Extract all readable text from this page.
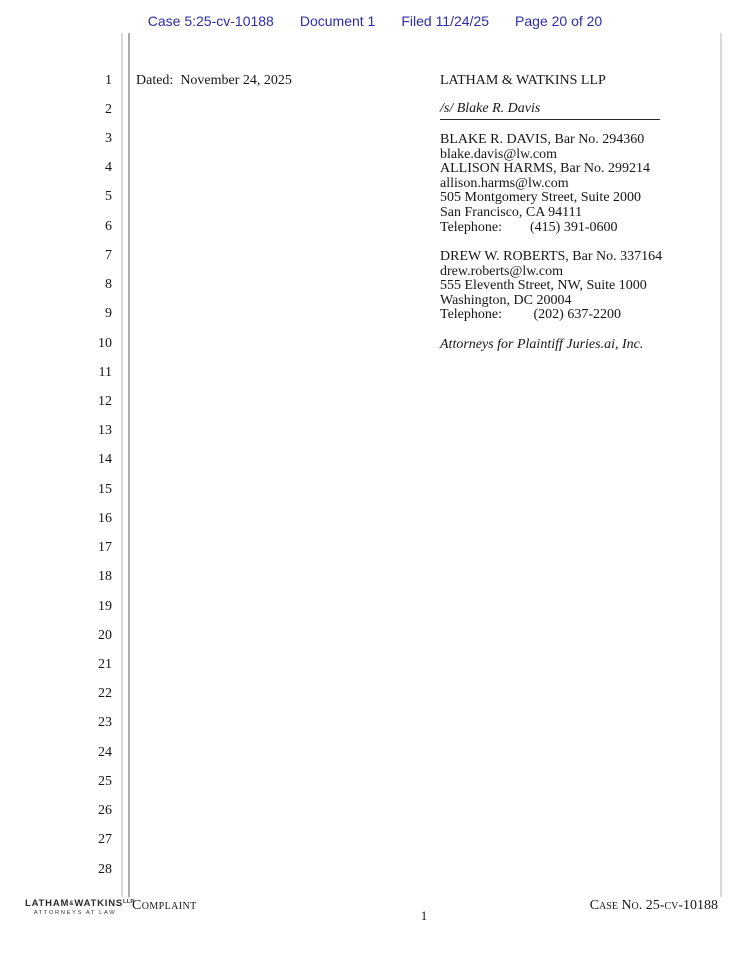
Case 5:25-cv-10188 Document 1 Filed 11/24/25 Page 20 of 20
1
2
3
4
5
6
7
8
9
10
11
12
13
14
15
16
17
18
19
20
21
22
23
24
25
26
27
28
Dated:  November 24, 2025	LATHAM & WATKINS LLP
/s/ Blake R. Davis
BLAKE R. DAVIS, Bar No. 294360
blake.davis@lw.com
ALLISON HARMS, Bar No. 299214
allison.harms@lw.com
505 Montgomery Street, Suite 2000
San Francisco, CA 94111
Telephone:        (415) 391-0600
DREW W. ROBERTS, Bar No. 337164
drew.roberts@lw.com
555 Eleventh Street, NW, Suite 1000
Washington, DC 20004
Telephone:         (202) 637-2200
Attorneys for Plaintiff Juries.ai, Inc.
$LATHAM\&WATKINS^{LLP}$
ATTORNEYS AT LAW	Complaint
1
Case No. 25-cv-10188
